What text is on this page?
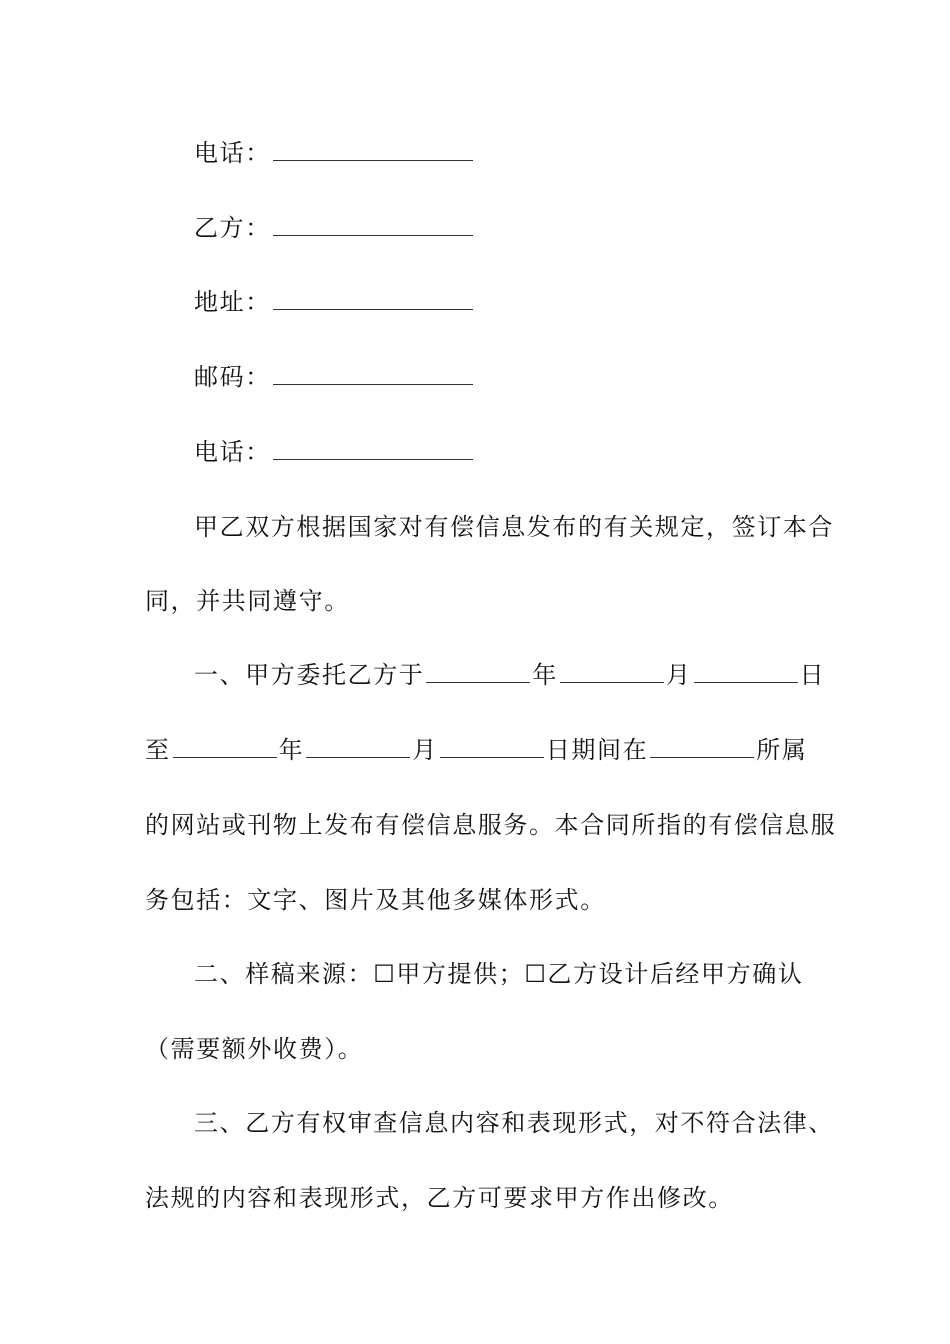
电话：
乙方：
地址：
邮码：
电话：
甲乙双方根据国家对有偿信息发布的有关规定，签订本合
同，并共同遵守。
一、甲方委托乙方于	年	月	日
至	年	月	日期间在	所属
的网站或刊物上发布有偿信息服务。本合同所指的有偿信息服
务包括：文字、图片及其他多媒体形式。
二、样稿来源：☐甲方提供；☐乙方设计后经甲方确认
（需要额外收费）。
三、乙方有权审查信息内容和表现形式，对不符合法律、
法规的内容和表现形式，乙方可要求甲方作出修改。
